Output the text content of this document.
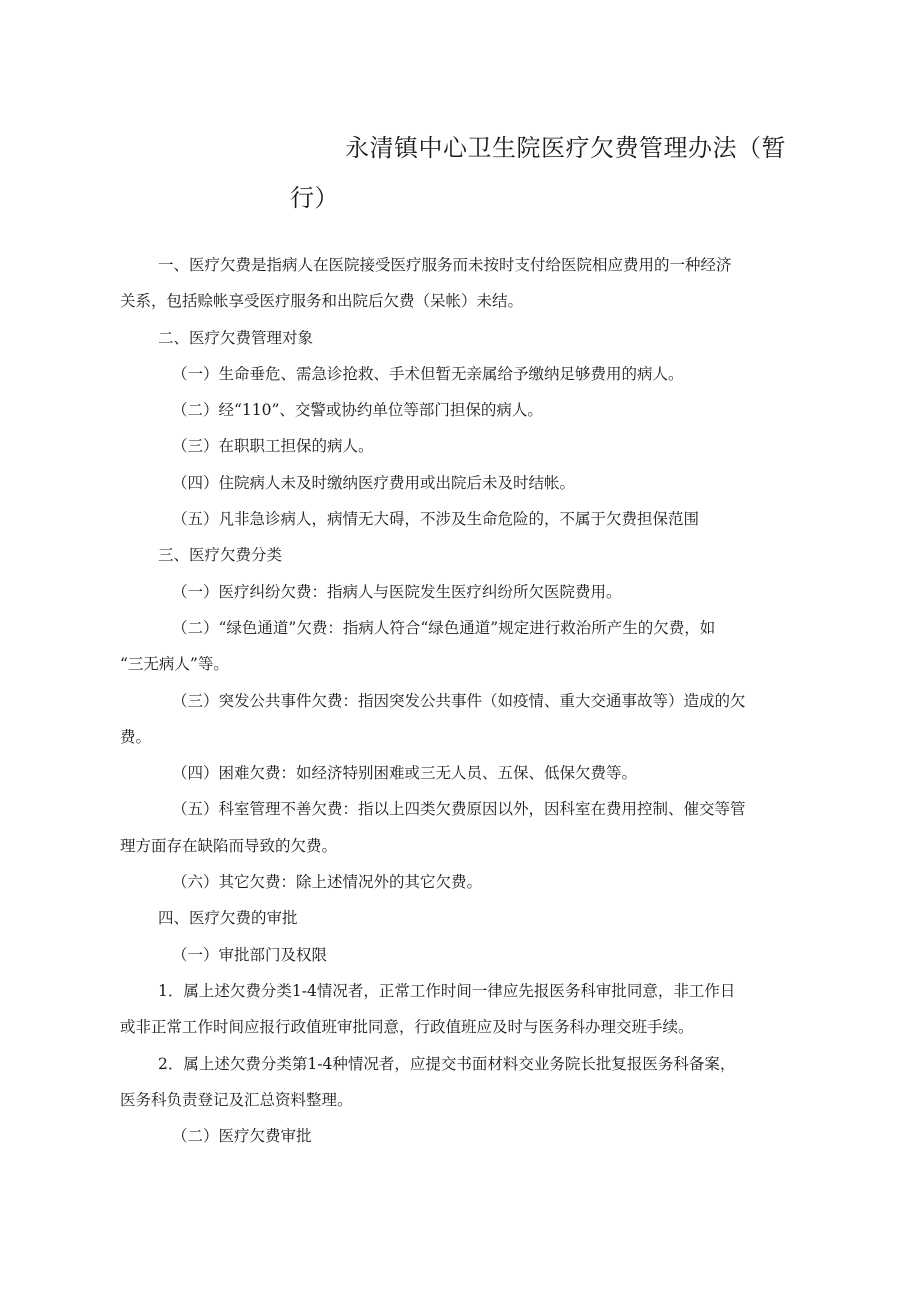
永清镇中心卫生院医疗欠费管理办法（暂
行）

一、医疗欠费是指病人在医院接受医疗服务而未按时支付给医院相应费用的一种经济

关系，包括赊帐享受医疗服务和出院后欠费（呆帐）未结。

二、医疗欠费管理对象

（一）生命垂危、需急诊抢救、手术但暂无亲属给予缴纳足够费用的病人。

（二）经“110”、交警或协约单位等部门担保的病人。

（三）在职职工担保的病人。

（四）住院病人未及时缴纳医疗费用或出院后未及时结帐。

（五）凡非急诊病人，病情无大碍，不涉及生命危险的，不属于欠费担保范围

三、医疗欠费分类

（一）医疗纠纷欠费：指病人与医院发生医疗纠纷所欠医院费用。

（二）“绿色通道”欠费：指病人符合“绿色通道”规定进行救治所产生的欠费，如

“三无病人”等。

（三）突发公共事件欠费：指因突发公共事件（如疫情、重大交通事故等）造成的欠

费。

（四）困难欠费：如经济特别困难或三无人员、五保、低保欠费等。

（五）科室管理不善欠费：指以上四类欠费原因以外，因科室在费用控制、催交等管

理方面存在缺陷而导致的欠费。

（六）其它欠费：除上述情况外的其它欠费。

四、医疗欠费的审批

（一）审批部门及权限

1．属上述欠费分类1-4情况者，正常工作时间一律应先报医务科审批同意，非工作日

或非正常工作时间应报行政值班审批同意，行政值班应及时与医务科办理交班手续。

2．属上述欠费分类第1-4种情况者，应提交书面材料交业务院长批复报医务科备案，

医务科负责登记及汇总资料整理。

（二）医疗欠费审批
